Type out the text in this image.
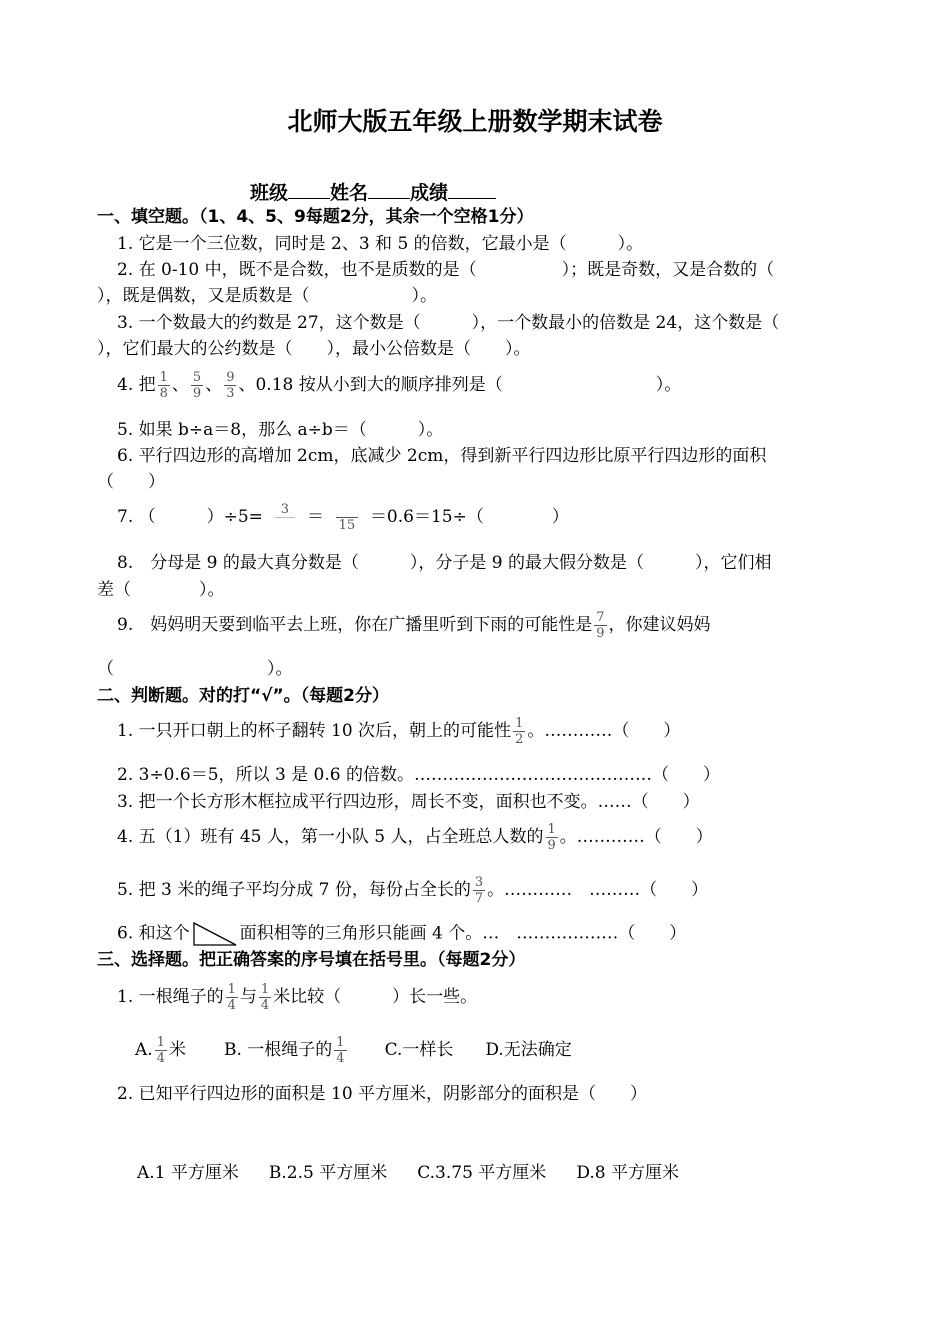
北师大版五年级上册数学期末试卷
班级 姓名 成绩
一、填空题。（1、4、5、9每题2分，其余一个空格1分）
1. 它是一个三位数，同时是 2、3 和 5 的倍数，它最小是（　　　）。
2. 在 0-10 中，既不是合数，也不是质数的是（　　　　　）；既是奇数，又是合数的（
），既是偶数，又是质数是（　　　　　　）。
3. 一个数最大的约数是 27，这个数是（　　　），一个数最小的倍数是 24，这个数是（
），它们最大的公约数是（　　），最小公倍数是（　　）。
4. 把 $\frac{1}{8}$ 、 $\frac{5}{9}$ 、 $\frac{9}{3}$ 、0.18 按从小到大的顺序排列是（　　　　　　　　　）。
5. 如果 b÷a＝8，那么 a÷b＝（　　　）。
6. 平行四边形的高增加 2cm，底减少 2cm，得到新平行四边形比原平行四边形的面积
（　　）
7. （　　　）÷5=	3	＝ 15 ＝0.6＝15÷（　　　　）
8.　分母是 9 的最大真分数是（　　　），分子是 9 的最大假分数是（　　　），它们相
差（　　　　）。
9.　妈妈明天要到临平去上班，你在广播里听到下雨的可能性是 $\frac{7}{9}$ ，你建议妈妈
（　　　　　　　　　）。
二、判断题。对的打“√”。（每题2分）
1. 一只开口朝上的杯子翻转 10 次后，朝上的可能性 $\frac{1}{2}$ 。…………（　　）
2. 3÷0.6＝5，所以 3 是 0.6 的倍数。……………………………………（　　）
3. 把一个长方形木框拉成平行四边形，周长不变，面积也不变。……（　　）
4. 五（1）班有 45 人，第一小队 5 人，占全班总人数的 $\frac{1}{9}$ 。…………（　　）
5. 把 3 米的绳子平均分成 7 份，每份占全长的 $\frac{3}{7}$ 。…………　………（　　）
6. 和这个	面积相等的三角形只能画 4 个。…　………………（　　）
三、选择题。把正确答案的序号填在括号里。（每题2分）
1. 一根绳子的 $\frac{1}{4}$ 与 $\frac{1}{4}$ 米比较（　　　）长一些。
A. $\frac{1}{4}$ 米 B. 一根绳子的 $\frac{1}{4} C$.一样长 D.无法确定
2. 已知平行四边形的面积是 10 平方厘米，阴影部分的面积是（　　）
A.1 平方厘米 B.2.5 平方厘米 C.3.75 平方厘米 D.8 平方厘米
